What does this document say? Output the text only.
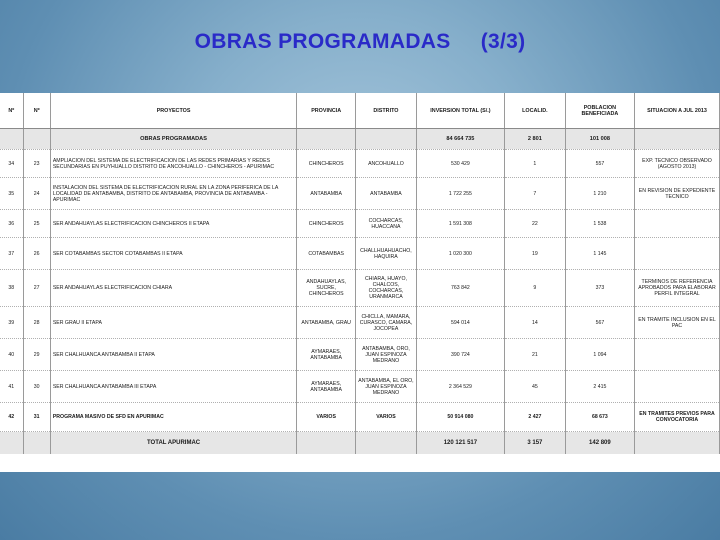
OBRAS PROGRAMADAS (3/3)
Nº	Nº	PROYECTOS	PROVINCIA	DISTRITO	INVERSION TOTAL (S/.)	LOCALID.	POBLACION BENEFICIADA	SITUACION A JUL 2013
		OBRAS PROGRAMADAS			84 664 735	2 801	101 008	
34	23	AMPLIACION DEL SISTEMA DE ELECTRIFICACION DE LAS REDES PRIMARIAS Y REDES SECUNDARIAS EN PUYHUALLO DISTRITO DE ANCOHUALLO - CHINCHEROS - APURIMAC	CHINCHEROS	ANCOHUALLO	530 429	1	557	EXP. TECNICO OBSERVADO (AGOSTO 2013)
35	24	INSTALACION DEL SISTEMA DE ELECTRIFICACION RURAL EN LA ZONA PERIFERICA DE LA LOCALIDAD DE ANTABAMBA, DISTRITO DE ANTABAMBA, PROVINCIA DE ANTABAMBA - APURIMAC	ANTABAMBA	ANTABAMBA	1 722 255	7	1 210	EN REVISION DE EXPEDIENTE TECNICO
36	25	SER ANDAHUAYLAS ELECTRIFICACION CHINCHEROS II ETAPA	CHINCHEROS	COCHARCAS, HUACCANA	1 591 308	22	1 538	
37	26	SER COTABAMBAS SECTOR COTABAMBAS II ETAPA	COTABAMBAS	CHALLHUAHUACHO, HAQUIRA	1 020 300	19	1 145	
38	27	SER ANDAHUAYLAS ELECTRIFICACION CHIARA	ANDAHUAYLAS, SUCRE, CHINCHEROS	CHIARA, HUAYO, CHALCOS, COCHARCAS, URANMARCA	763 842	9	373	TERMINOS DE REFERENCIA APROBADOS PARA ELABORAR PERFIL INTEGRAL
39	28	SER GRAU II ETAPA	ANTABAMBA, GRAU	CHICLLA, MAMARA, CURASCO, CAMARA, JOCOPEA	594 014	14	567	EN TRAMITE INCLUSION EN EL PAC
40	29	SER CHALHUANCA ANTABAMBA II ETAPA	AYMARAES, ANTABAMBA	ANTABAMBA, ORO, JUAN ESPINOZA MEDRANO	390 724	21	1 094	
41	30	SER CHALHUANCA ANTABAMBA III ETAPA	AYMARAES, ANTABAMBA	ANTABAMBA, EL ORO, JUAN ESPINOZA MEDRANO	2 364 529	45	2 415	
42	31	PROGRAMA MASIVO DE SFD EN APURIMAC	VARIOS	VARIOS	50 914 080	2 427	68 673	EN TRAMITES PREVIOS PARA CONVOCATORIA
		TOTAL APURIMAC			120 121 517	3 157	142 809	
